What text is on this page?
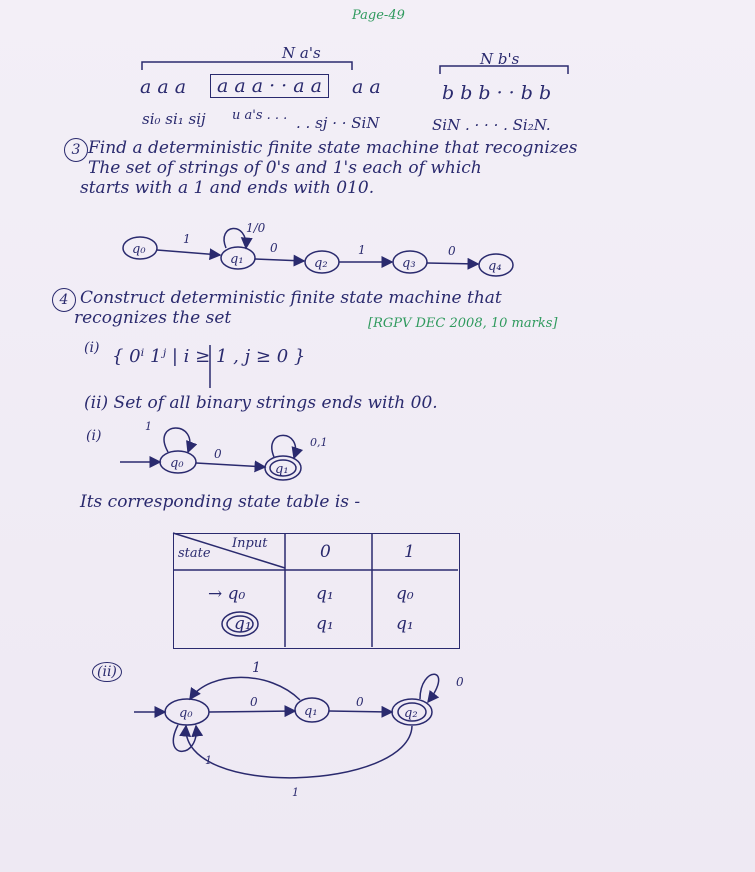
Page-49
N a's	N b's
a a a	a a a · · a a	a a	b b b · · b b
si₀ si₁ sij u a's . . . . . sj · · SiN	SiN . · · · . Si₂N.
3 Find a deterministic finite state machine that recognizes
The set of strings of 0's and 1's each of which
starts with a 1 and ends with 010.
4 Construct deterministic finite state machine that
recognizes the set	[RGPV DEC 2008, 10 marks]
(i) { 0ⁱ 1ʲ | i ≥ 1 , j ≥ 0 }
(ii) Set of all binary strings ends with 00.
(i)
Its corresponding state table is -
Input
state	0	1
→ q₀	q₁	q₀
q₁	q₁	q₁
(ii)
q₀
q₁	q₂	q₃	q₄
1
1/0
0	1	0
q₀	q₁
1
0
0,1
q₀	q₁	q₂
1
0	0
0
1
1
